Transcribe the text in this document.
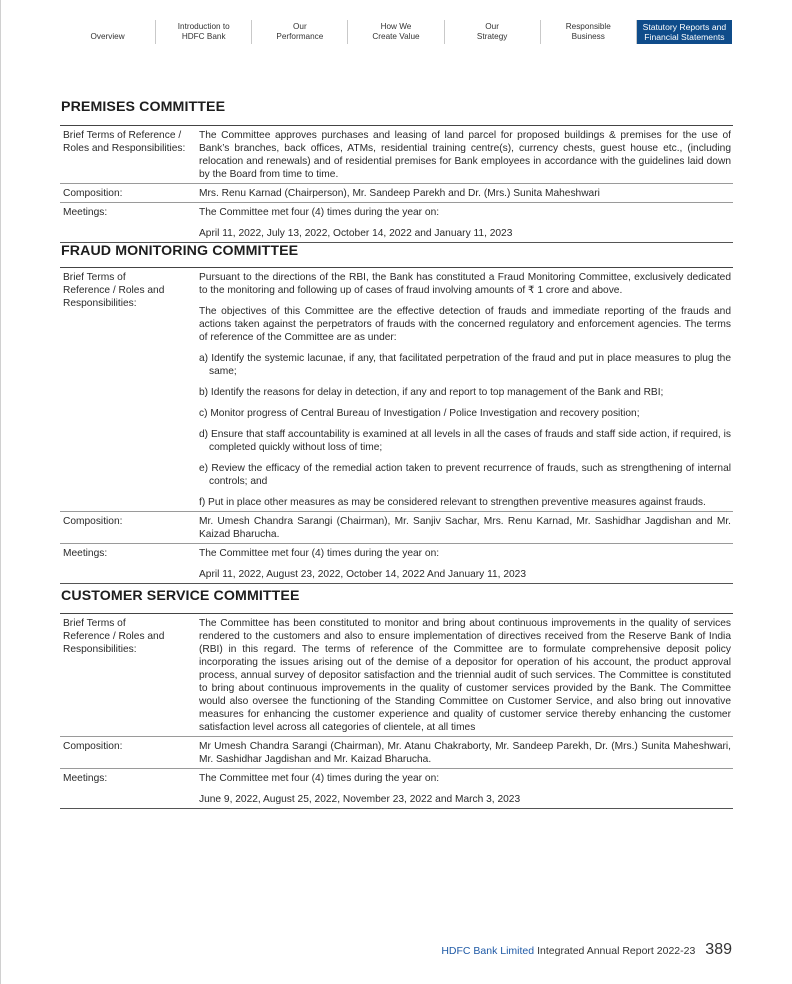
Overview
Introduction to
HDFC Bank
Our
Performance
How We
Create Value
Our
Strategy
Responsible
Business
Statutory Reports and
Financial Statements
PREMISES COMMITTEE
Brief Terms of Reference / Roles and Responsibilities:
The Committee approves purchases and leasing of land parcel for proposed buildings & premises for the use of Bank’s branches, back offices, ATMs, residential training centre(s), currency chests, guest house etc., (including relocation and renewals) and of residential premises for Bank employees in accordance with the guidelines laid down by the Board from time to time.
Composition:	Mrs. Renu Karnad (Chairperson), Mr. Sandeep Parekh and Dr. (Mrs.) Sunita Maheshwari
Meetings:	The Committee met four (4) times during the year on:

April 11, 2022, July 13, 2022, October 14, 2022 and January 11, 2023

FRAUD MONITORING COMMITTEE
Brief Terms of Reference / Roles and Responsibilities:

Pursuant to the directions of the RBI, the Bank has constituted a Fraud Monitoring Committee, exclusively dedicated to the monitoring and following up of cases of fraud involving amounts of ₹ 1 crore and above.

The objectives of this Committee are the effective detection of frauds and immediate reporting of the frauds and actions taken against the perpetrators of frauds with the concerned regulatory and enforcement agencies. The terms of reference of the Committee are as under:

a) Identify the systemic lacunae, if any, that facilitated perpetration of the fraud and put in place measures to plug the same;

b) Identify the reasons for delay in detection, if any and report to top management of the Bank and RBI;

c) Monitor progress of Central Bureau of Investigation / Police Investigation and recovery position;

d) Ensure that staff accountability is examined at all levels in all the cases of frauds and staff side action, if required, is completed quickly without loss of time;

e) Review the efficacy of the remedial action taken to prevent recurrence of frauds, such as strengthening of internal controls; and

f) Put in place other measures as may be considered relevant to strengthen preventive measures against frauds.

Composition:	Mr. Umesh Chandra Sarangi (Chairman), Mr. Sanjiv Sachar, Mrs. Renu Karnad, Mr. Sashidhar Jagdishan and Mr. Kaizad Bharucha.
Meetings:	The Committee met four (4) times during the year on:

April 11, 2022, August 23, 2022, October 14, 2022 And January 11, 2023

CUSTOMER SERVICE COMMITTEE
Brief Terms of Reference / Roles and Responsibilities:
The Committee has been constituted to monitor and bring about continuous improvements in the quality of services rendered to the customers and also to ensure implementation of directives received from the Reserve Bank of India (RBI) in this regard. The terms of reference of the Committee are to formulate comprehensive deposit policy incorporating the issues arising out of the demise of a depositor for operation of his account, the product approval process, annual survey of depositor satisfaction and the triennial audit of such services. The Committee is constituted to bring about continuous improvements in the quality of customer services provided by the Bank. The Committee would also oversee the functioning of the Standing Committee on Customer Service, and also bring out innovative measures for enhancing the customer experience and quality of customer service thereby enhancing the customer satisfaction level across all categories of clientele, at all times
Composition:	Mr Umesh Chandra Sarangi (Chairman), Mr. Atanu Chakraborty, Mr. Sandeep Parekh, Dr. (Mrs.) Sunita Maheshwari, Mr. Sashidhar Jagdishan and Mr. Kaizad Bharucha.
Meetings:	The Committee met four (4) times during the year on:

June 9, 2022, August 25, 2022, November 23, 2022 and March 3, 2023

HDFC Bank Limited Integrated Annual Report 2022-23 389
